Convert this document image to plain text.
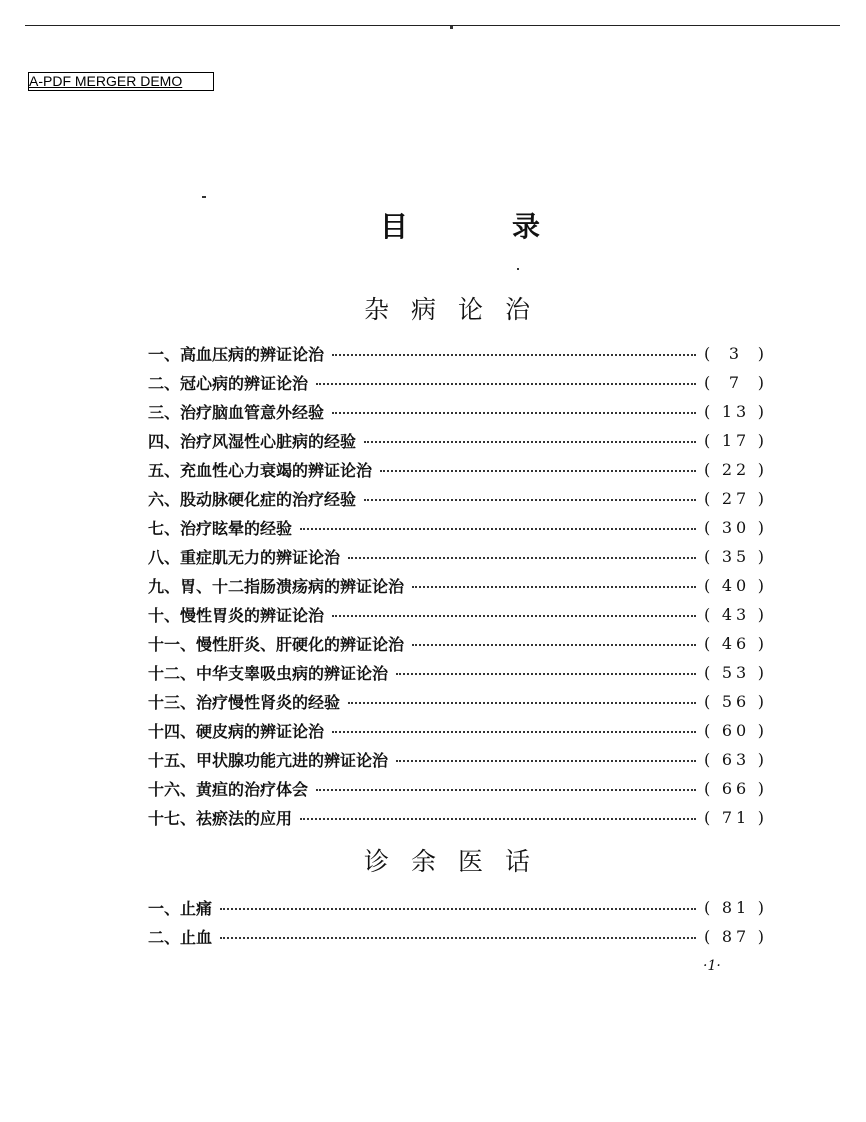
A-PDF MERGER DEMO
目	录
杂病论治
一、高血压病的辨证论治	( 3 )
二、冠心病的辨证论治	( 7 )
三、治疗脑血管意外经验	( 13 )
四、治疗风湿性心脏病的经验	( 17 )
五、充血性心力衰竭的辨证论治	( 22 )
六、股动脉硬化症的治疗经验	( 27 )
七、治疗眩晕的经验	( 30 )
八、重症肌无力的辨证论治	( 35 )
九、胃、十二指肠溃疡病的辨证论治	( 40 )
十、慢性胃炎的辨证论治	( 43 )
十一、慢性肝炎、肝硬化的辨证论治	( 46 )
十二、中华支睾吸虫病的辨证论治	( 53 )
十三、治疗慢性肾炎的经验	( 56 )
十四、硬皮病的辨证论治	( 60 )
十五、甲状腺功能亢进的辨证论治	( 63 )
十六、黄疸的治疗体会	( 66 )
十七、祛瘀法的应用	( 71 )
诊余医话
一、止痛	( 81 )
二、止血	( 87 )
·1·
